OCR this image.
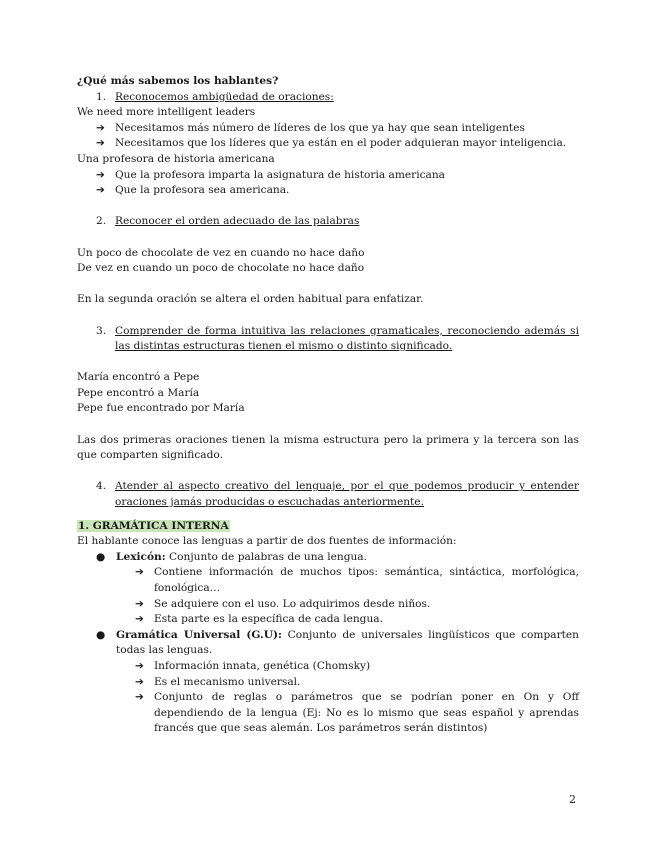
¿Qué más sabemos los hablantes?
1. Reconocemos ambigüedad de oraciones:
We need more intelligent leaders
➔ Necesitamos más número de líderes de los que ya hay que sean inteligentes
➔ Necesitamos que los líderes que ya están en el poder adquieran mayor inteligencia.
Una profesora de historia americana
➔ Que la profesora imparta la asignatura de historia americana
➔ Que la profesora sea americana.
2. Reconocer el orden adecuado de las palabras
Un poco de chocolate de vez en cuando no hace daño
De vez en cuando un poco de chocolate no hace daño
En la segunda oración se altera el orden habitual para enfatizar.
3. Comprender de forma intuitiva las relaciones gramaticales, reconociendo además si las distintas estructuras tienen el mismo o distinto significado.
María encontró a Pepe
Pepe encontró a María
Pepe fue encontrado por María
Las dos primeras oraciones tienen la misma estructura pero la primera y la tercera son las que comparten significado.
4. Atender al aspecto creativo del lenguaje, por el que podemos producir y entender oraciones jamás producidas o escuchadas anteriormente.
1. GRAMÁTICA INTERNA
El hablante conoce las lenguas a partir de dos fuentes de información:
●	Lexicón: Conjunto de palabras de una lengua.
➔ Contiene información de muchos tipos: semántica, sintáctica, morfológica, fonológica…
➔ Se adquiere con el uso. Lo adquirimos desde niños.
➔ Esta parte es la específica de cada lengua.
●	Gramática Universal (G.U): Conjunto de universales lingüísticos que comparten todas las lenguas.
➔ Información innata, genética (Chomsky)
➔ Es el mecanismo universal.
➔ Conjunto de reglas o parámetros que se podrían poner en On y Off dependiendo de la lengua (Ej: No es lo mismo que seas español y aprendas francés que que seas alemán. Los parámetros serán distintos)
2
